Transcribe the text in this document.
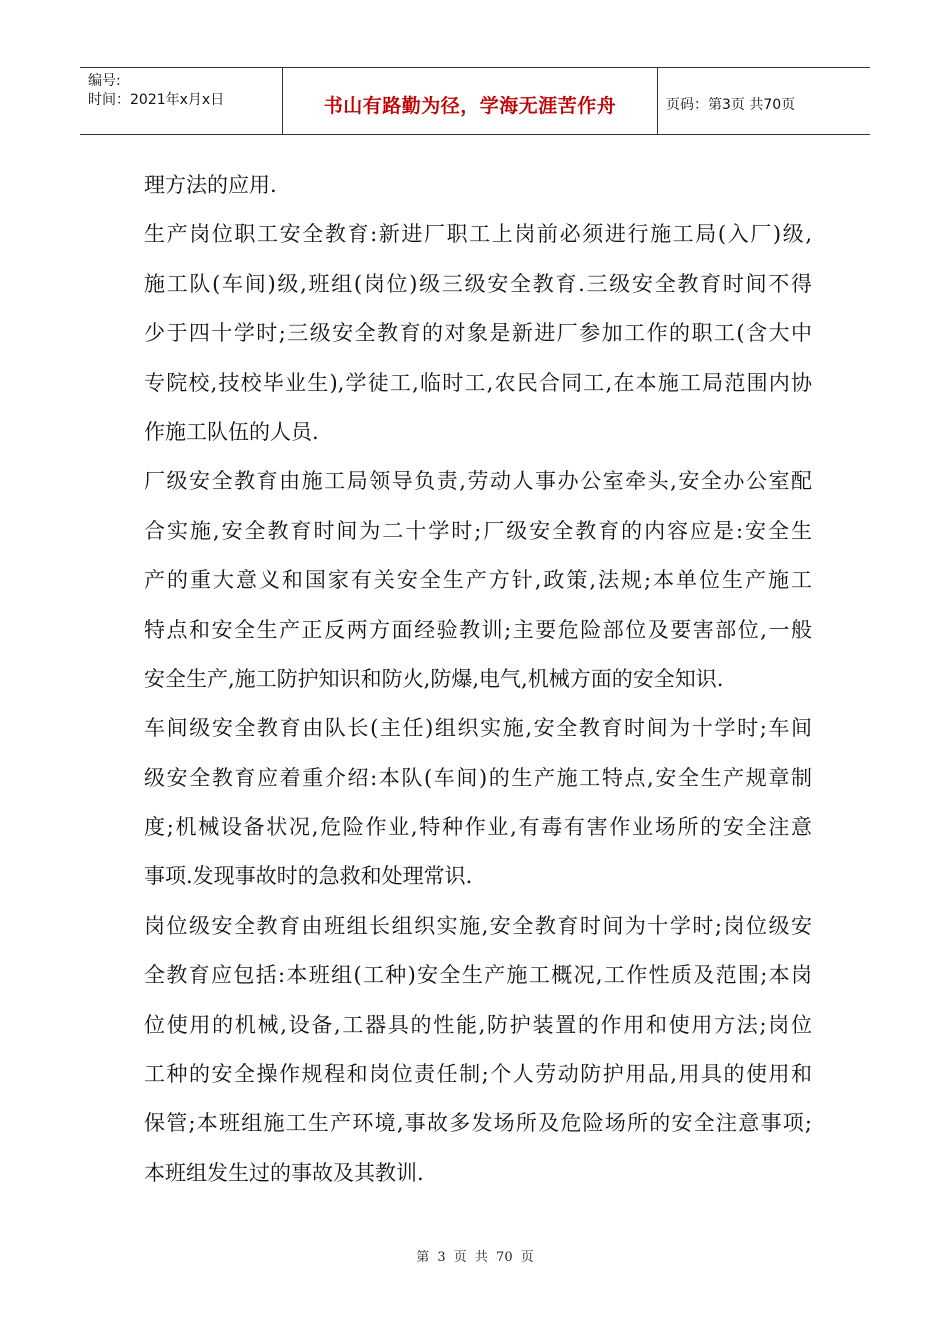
编号:
时间：2021年x月x日	书山有路勤为径，学海无涯苦作舟	页码：第3页 共70页
理方法的应用.
生产岗位职工安全教育:新进厂职工上岗前必须进行施工局(入厂)级,
施工队(车间)级,班组(岗位)级三级安全教育.三级安全教育时间不得
少于四十学时;三级安全教育的对象是新进厂参加工作的职工(含大中
专院校,技校毕业生),学徒工,临时工,农民合同工,在本施工局范围内协
作施工队伍的人员.
厂级安全教育由施工局领导负责,劳动人事办公室牵头,安全办公室配
合实施,安全教育时间为二十学时;厂级安全教育的内容应是:安全生
产的重大意义和国家有关安全生产方针,政策,法规;本单位生产施工
特点和安全生产正反两方面经验教训;主要危险部位及要害部位,一般
安全生产,施工防护知识和防火,防爆,电气,机械方面的安全知识.
车间级安全教育由队长(主任)组织实施,安全教育时间为十学时;车间
级安全教育应着重介绍:本队(车间)的生产施工特点,安全生产规章制
度;机械设备状况,危险作业,特种作业,有毒有害作业场所的安全注意
事项.发现事故时的急救和处理常识.
岗位级安全教育由班组长组织实施,安全教育时间为十学时;岗位级安
全教育应包括:本班组(工种)安全生产施工概况,工作性质及范围;本岗
位使用的机械,设备,工器具的性能,防护装置的作用和使用方法;岗位
工种的安全操作规程和岗位责任制;个人劳动防护用品,用具的使用和
保管;本班组施工生产环境,事故多发场所及危险场所的安全注意事项;
本班组发生过的事故及其教训.
第 3 页 共 70 页
